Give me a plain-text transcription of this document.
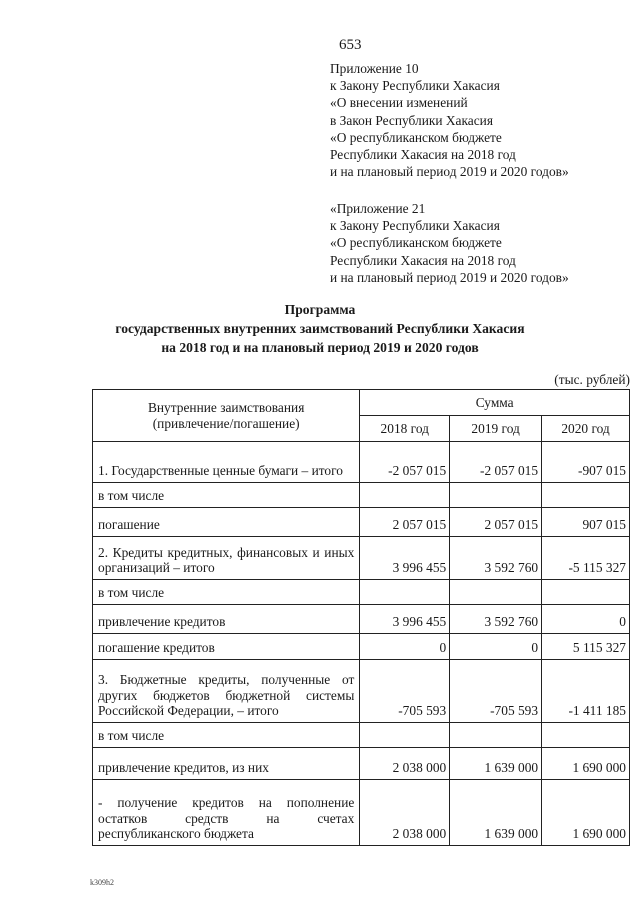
653
Приложение 10
к Закону Республики Хакасия
«О внесении изменений
в Закон Республики Хакасия
«О республиканском бюджете
Республики Хакасия на 2018 год
и на плановый период 2019 и 2020 годов»
«Приложение 21
к Закону Республики Хакасия
«О республиканском бюджете
Республики Хакасия на 2018 год
и на плановый период 2019 и 2020 годов»
Программа
государственных внутренних заимствований Республики Хакасия
на 2018 год и на плановый период 2019 и 2020 годов
(тыс. рублей)
Внутренние заимствования (привлечение/погашение)	Сумма		
	2018 год	2019 год	2020 год
1. Государственные ценные бумаги – итого	-2 057 015	-2 057 015	-907 015
в том числе			
погашение	2 057 015	2 057 015	907 015
2. Кредиты кредитных, финансовых и иных организаций – итого	3 996 455	3 592 760	-5 115 327
в том числе			
привлечение кредитов	3 996 455	3 592 760	0
погашение кредитов	0	0	5 115 327
3. Бюджетные кредиты, полученные от других бюджетов бюджетной системы Российской Федерации, – итого	-705 593	-705 593	-1 411 185
в том числе			
привлечение кредитов, из них	2 038 000	1 639 000	1 690 000
- получение кредитов на пополнение остатков средств на счетах республиканского бюджета	2 038 000	1 639 000	1 690 000
k309h2
